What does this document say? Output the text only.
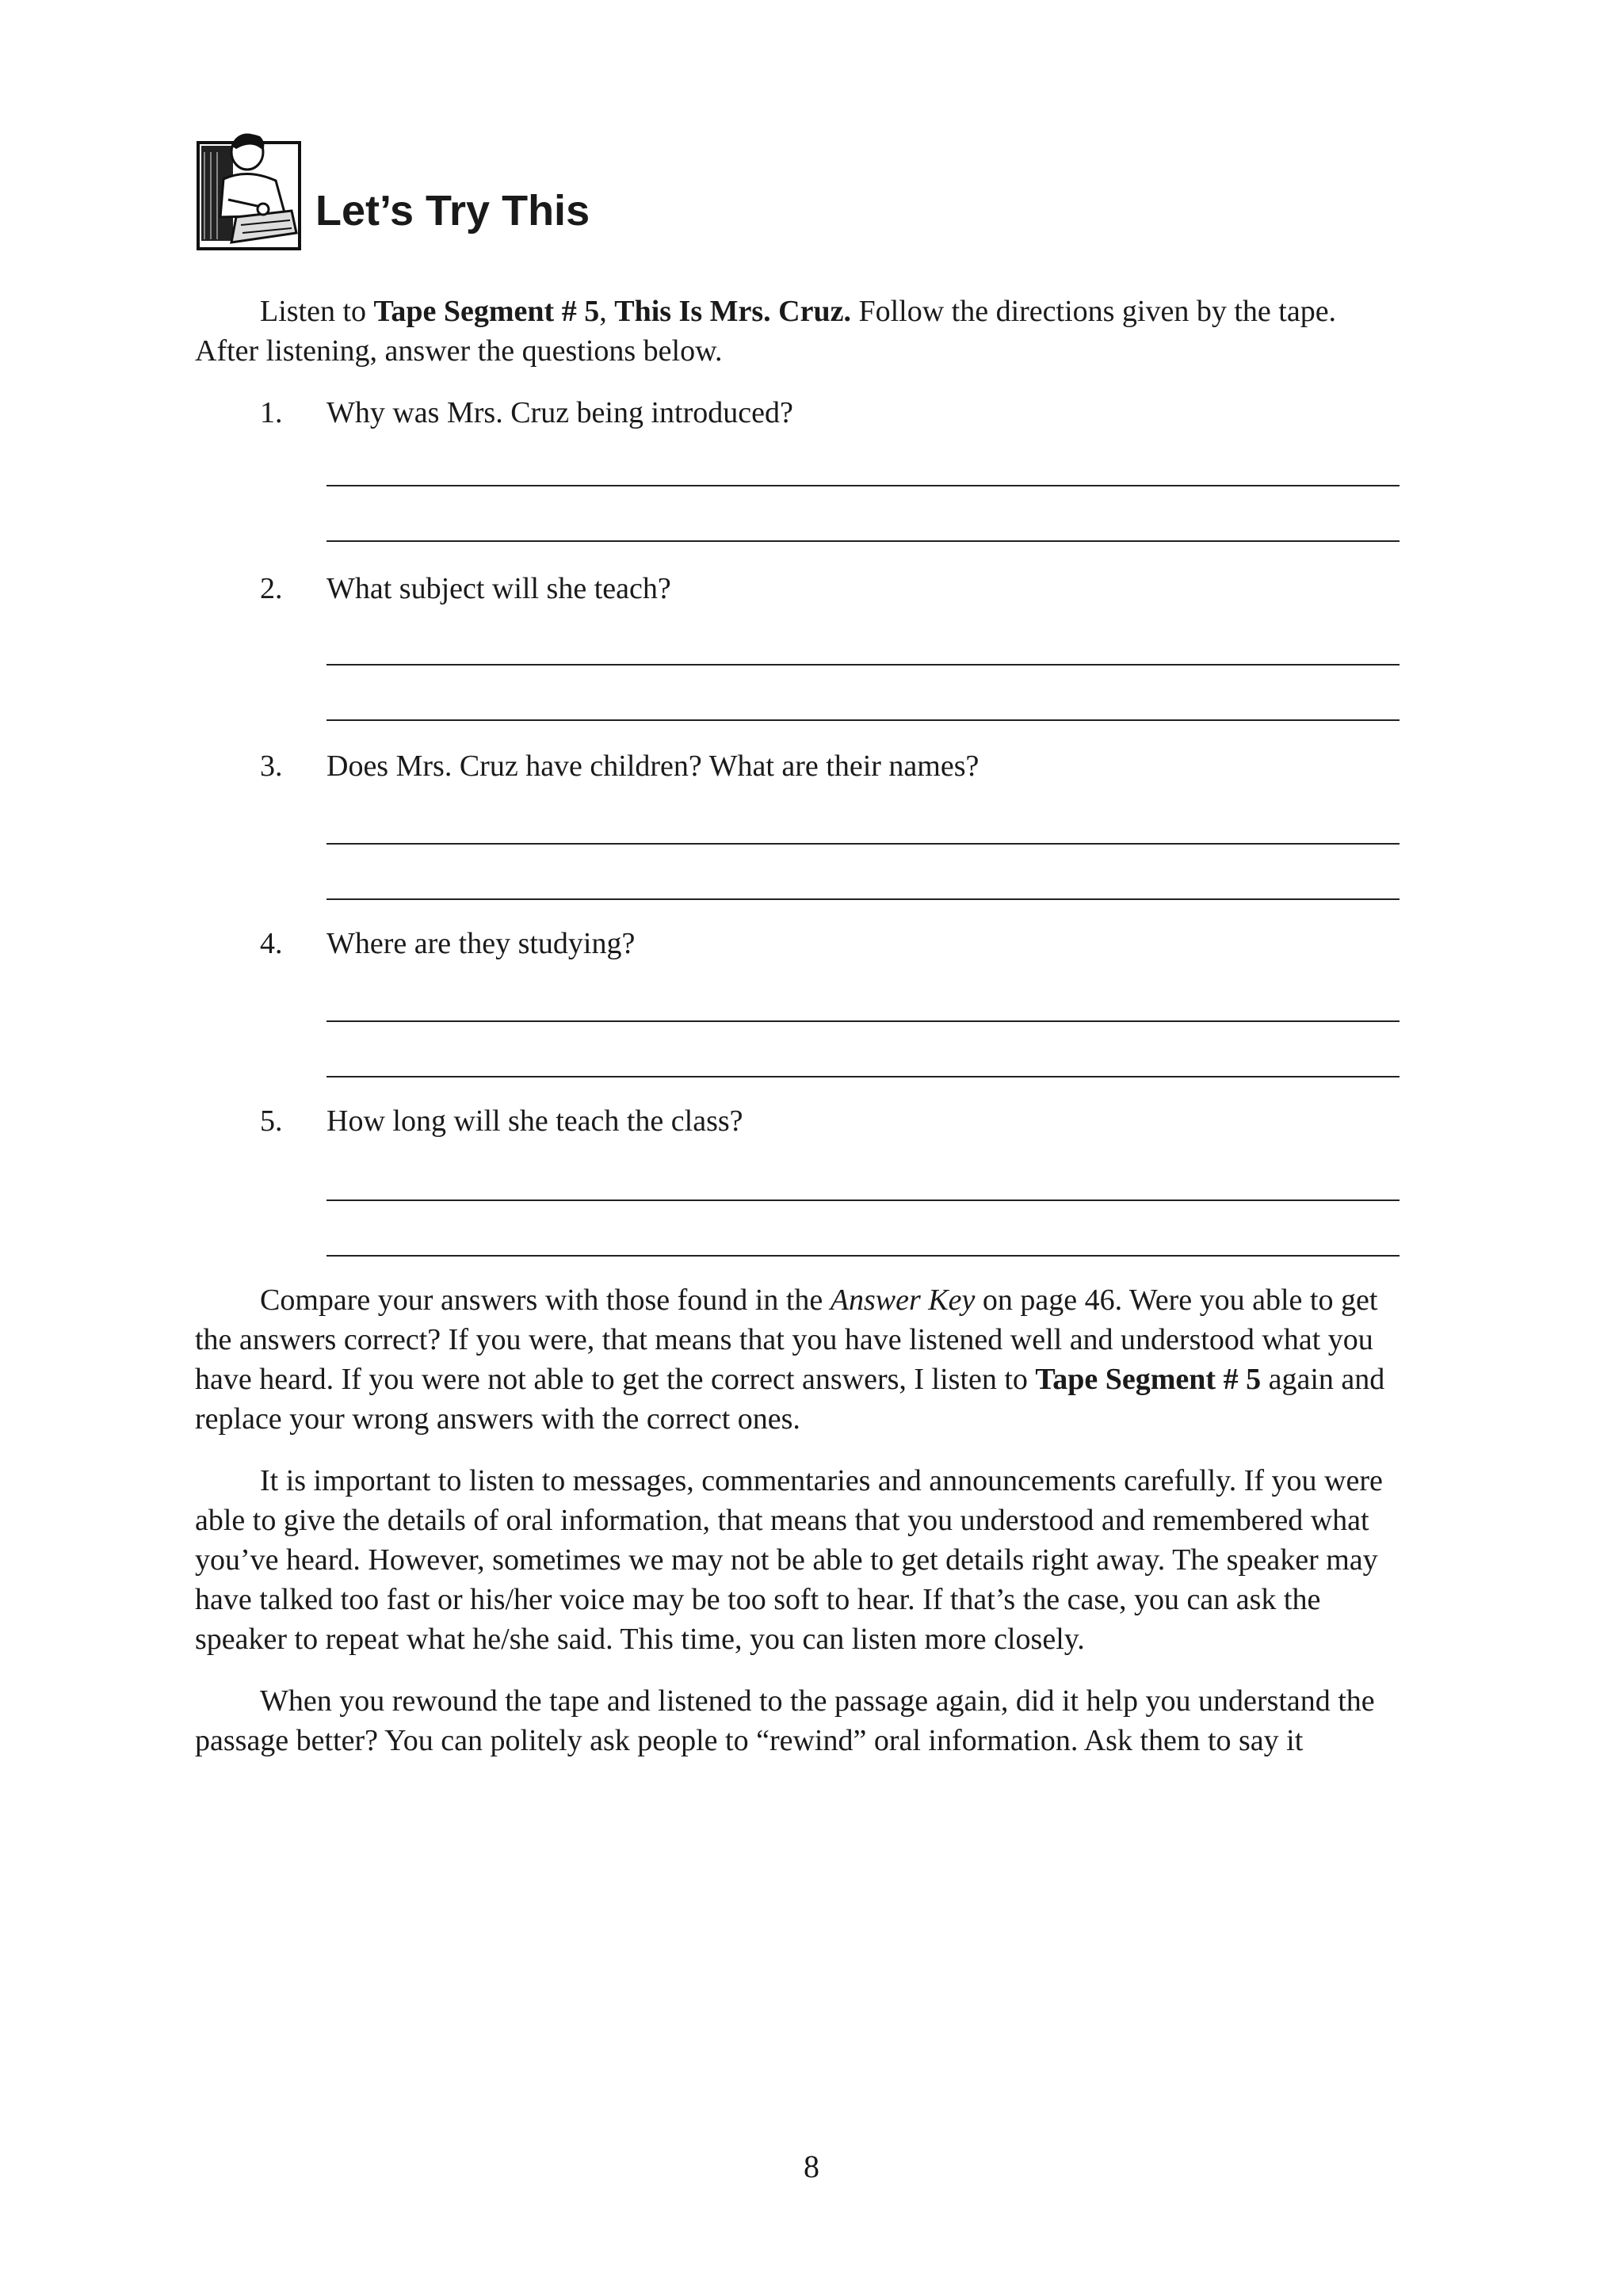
Let’s Try This

Listen to Tape Segment # 5, This Is Mrs. Cruz. Follow the directions given by the tape. After listening, answer the questions below.

1. Why was Mrs. Cruz being introduced?
2. What subject will she teach?
3. Does Mrs. Cruz have children? What are their names?
4. Where are they studying?
5. How long will she teach the class?

Compare your answers with those found in the Answer Key on page 46. Were you able to get the answers correct? If you were, that means that you have listened well and understood what you have heard. If you were not able to get the correct answers, I listen to Tape Segment # 5 again and replace your wrong answers with the correct ones.

It is important to listen to messages, commentaries and announcements carefully. If you were able to give the details of oral information, that means that you understood and remembered what you’ve heard. However, sometimes we may not be able to get details right away. The speaker may have talked too fast or his/her voice may be too soft to hear. If that’s the case, you can ask the speaker to repeat what he/she said. This time, you can listen more closely.

When you rewound the tape and listened to the passage again, did it help you understand the passage better? You can politely ask people to “rewind” oral information. Ask them to say it

8
